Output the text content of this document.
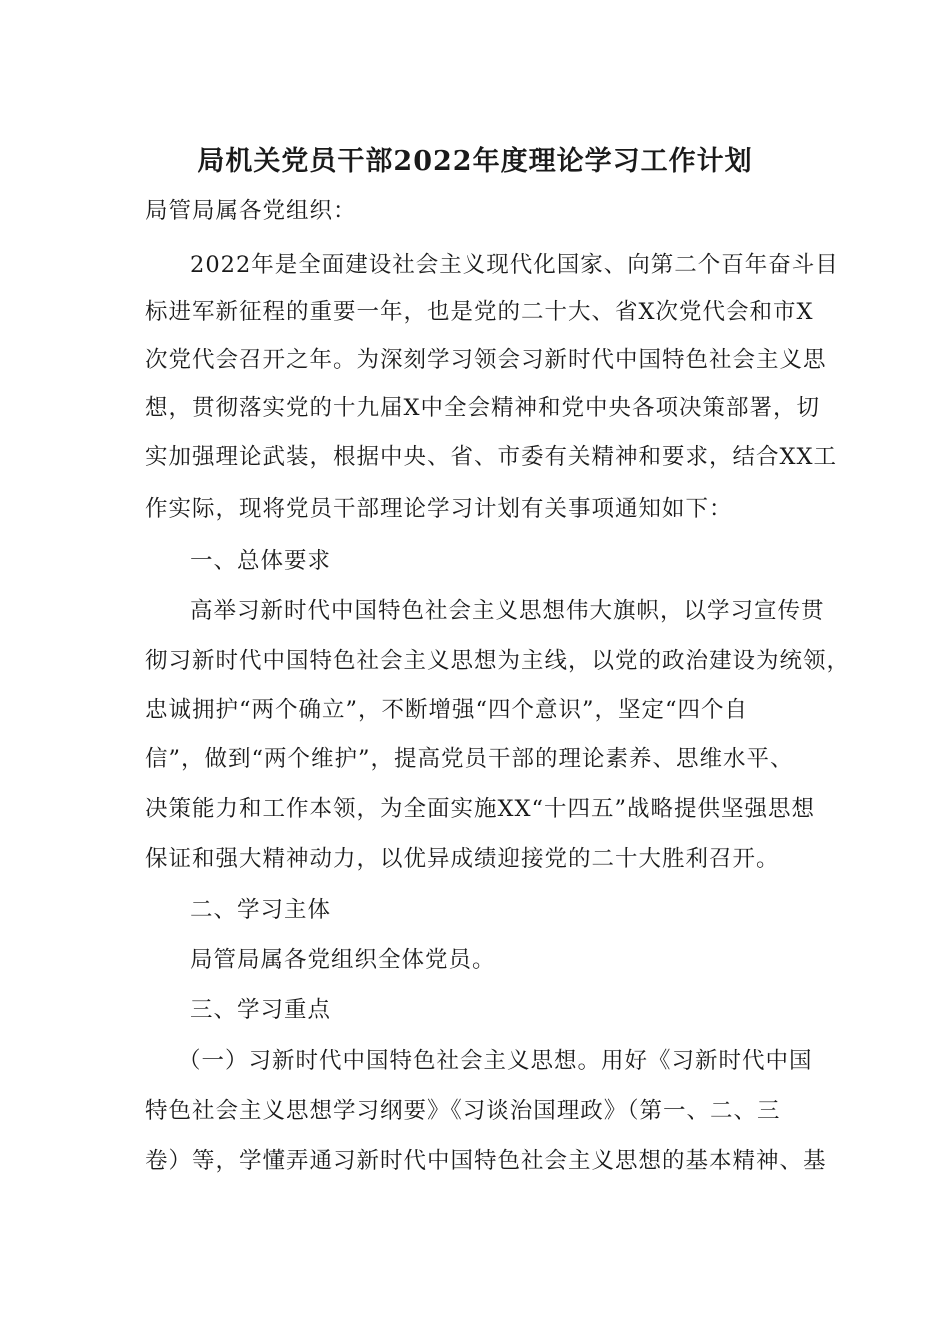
局机关党员干部2022年度理论学习工作计划
局管局属各党组织：
2022年是全面建设社会主义现代化国家、向第二个百年奋斗目
标进军新征程的重要一年，也是党的二十大、省X次党代会和市X
次党代会召开之年。为深刻学习领会习新时代中国特色社会主义思
想，贯彻落实党的十九届X中全会精神和党中央各项决策部署，切
实加强理论武装，根据中央、省、市委有关精神和要求，结合XX工
作实际，现将党员干部理论学习计划有关事项通知如下：
一、总体要求
高举习新时代中国特色社会主义思想伟大旗帜，以学习宣传贯
彻习新时代中国特色社会主义思想为主线，以党的政治建设为统领，
忠诚拥护“两个确立”，不断增强“四个意识”，坚定“四个自
信”，做到“两个维护”，提高党员干部的理论素养、思维水平、
决策能力和工作本领，为全面实施XX“十四五”战略提供坚强思想
保证和强大精神动力，以优异成绩迎接党的二十大胜利召开。
二、学习主体
局管局属各党组织全体党员。
三、学习重点
（一）习新时代中国特色社会主义思想。用好《习新时代中国
特色社会主义思想学习纲要》《习谈治国理政》（第一、二、三
卷）等，学懂弄通习新时代中国特色社会主义思想的基本精神、基
